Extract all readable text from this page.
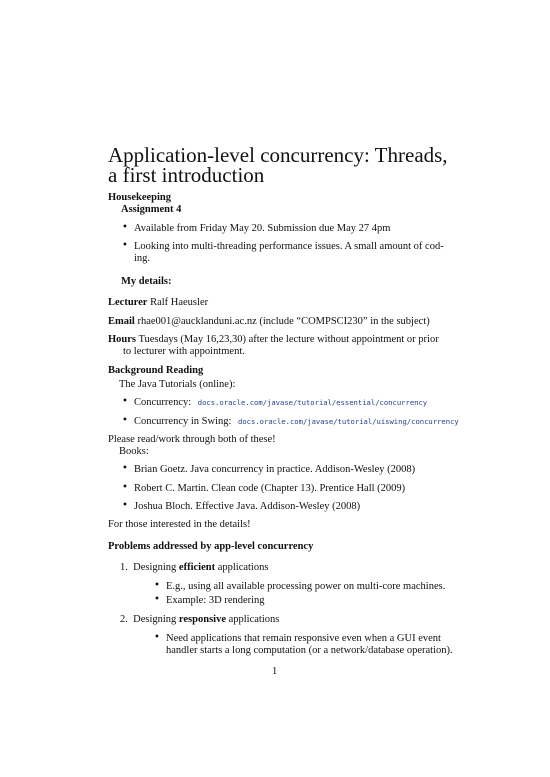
Application-level concurrency: Threads,
a first introduction
Housekeeping
Assignment 4
• Available from Friday May 20. Submission due May 27 4pm
• Looking into multi-threading performance issues. A small amount of cod-
ing.
My details:
Lecturer Ralf Haeusler
Email rhae001@aucklanduni.ac.nz (include “COMPSCI230” in the subject)
Hours Tuesdays (May 16,23,30) after the lecture without appointment or prior
to lecturer with appointment.
Background Reading
The Java Tutorials (online):
• Concurrency: docs.oracle.com/javase/tutorial/essential/concurrency
• Concurrency in Swing: docs.oracle.com/javase/tutorial/uiswing/concurrency
Please read/work through both of these!
Books:
• Brian Goetz. Java concurrency in practice. Addison-Wesley (2008)
• Robert C. Martin. Clean code (Chapter 13). Prentice Hall (2009)
• Joshua Bloch. Effective Java. Addison-Wesley (2008)
For those interested in the details!
Problems addressed by app-level concurrency
1.  Designing efficient applications
• E.g., using all available processing power on multi-core machines.
• Example: 3D rendering
2.  Designing responsive applications
• Need applications that remain responsive even when a GUI event
handler starts a long computation (or a network/database operation).
1
